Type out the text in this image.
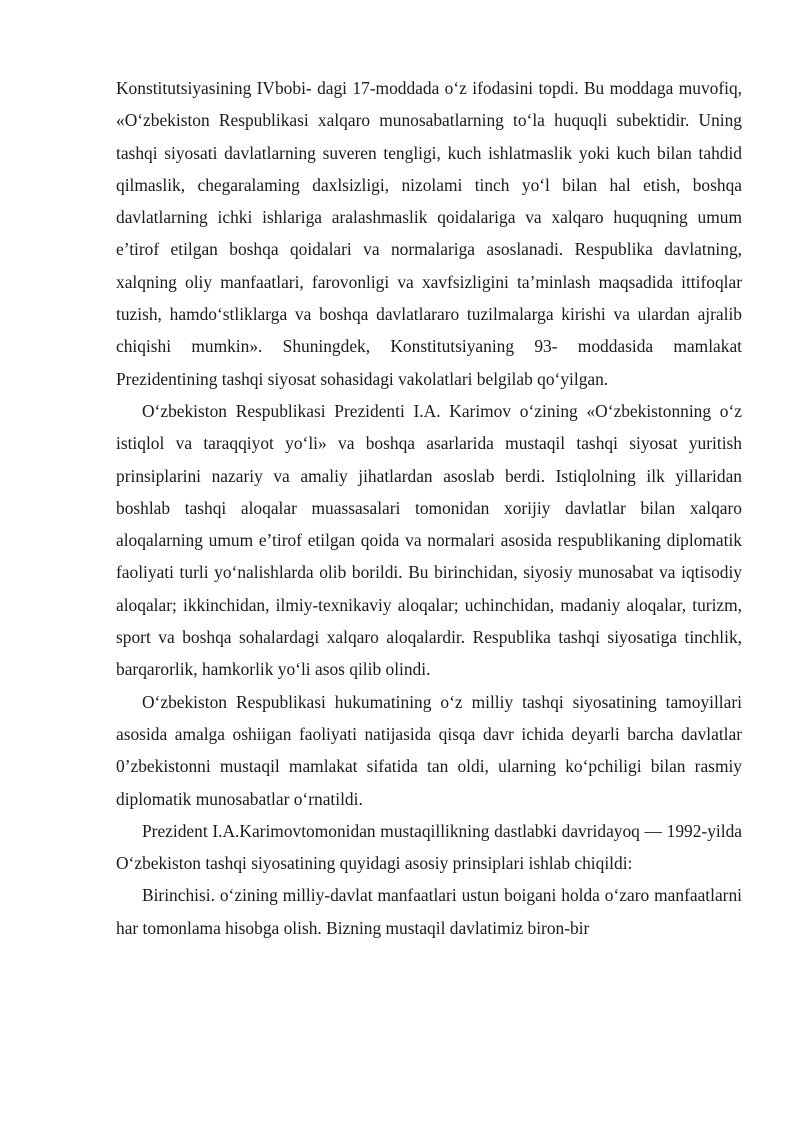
Konstitutsiyasining IVbobi- dagi 17-moddada o‘z ifodasini topdi. Bu moddaga muvofiq, «O‘zbekiston Respublikasi xalqaro munosabatlarning to‘la huquqli subektidir. Uning tashqi siyosati davlatlarning suveren tengligi, kuch ishlatmaslik yoki kuch bilan tahdid qilmaslik, chegaralaming daxlsizligi, nizolami tinch yo‘l bilan hal etish, boshqa davlatlarning ichki ishlariga aralashmaslik qoidalariga va xalqaro huquqning umum e’tirof etilgan boshqa qoidalari va normalariga asoslanadi. Respublika davlatning, xalqning oliy manfaatlari, farovonligi va xavfsizligini ta’minlash maqsadida ittifoqlar tuzish, hamdo‘stliklarga va boshqa davlatlararo tuzilmalarga kirishi va ulardan ajralib chiqishi mumkin». Shuningdek, Konstitutsiyaning 93- moddasida mamlakat Prezidentining tashqi siyosat sohasidagi vakolatlari belgilab qo‘yilgan.

O‘zbekiston Respublikasi Prezidenti I.A. Karimov o‘zining «O‘zbekistonning o‘z istiqlol va taraqqiyot yo‘li» va boshqa asarlarida mustaqil tashqi siyosat yuritish prinsiplarini nazariy va amaliy jihatlardan asoslab berdi. Istiqlolning ilk yillaridan boshlab tashqi aloqalar muassasalari tomonidan xorijiy davlatlar bilan xalqaro aloqalarning umum e’tirof etilgan qoida va normalari asosida respublikaning diplomatik faoliyati turli yo‘nalishlarda olib borildi. Bu birinchidan, siyosiy munosabat va iqtisodiy aloqalar; ikkinchidan, ilmiy-texnikaviy aloqalar; uchinchidan, madaniy aloqalar, turizm, sport va boshqa sohalardagi xalqaro aloqalardir. Respublika tashqi siyosatiga tinchlik, barqarorlik, hamkorlik yo‘li asos qilib olindi.

O‘zbekiston Respublikasi hukumatining o‘z milliy tashqi siyosatining tamoyillari asosida amalga oshiigan faoliyati natijasida qisqa davr ichida deyarli barcha davlatlar 0’zbekistonni mustaqil mamlakat sifatida tan oldi, ularning ko‘pchiligi bilan rasmiy diplomatik munosabatlar o‘rnatildi.

Prezident I.A.Karimovtomonidan mustaqillikning dastlabki davridayoq — 1992-yilda O‘zbekiston tashqi siyosatining quyidagi asosiy prinsiplari ishlab chiqildi:

Birinchisi. o‘zining milliy-davlat manfaatlari ustun boigani holda o‘zaro manfaatlarni har tomonlama hisobga olish. Bizning mustaqil davlatimiz biron-bir
